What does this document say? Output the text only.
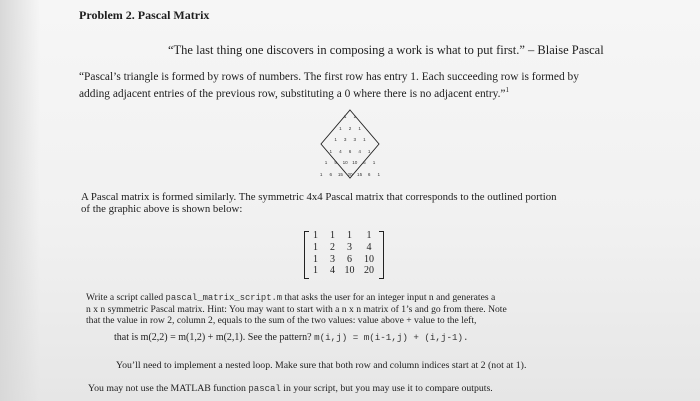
Problem 2. Pascal Matrix
“The last thing one discovers in composing a work is what to put first.” – Blaise Pascal
“Pascal’s triangle is formed by rows of numbers. The first row has entry 1. Each succeeding row is formed by
adding adjacent entries of the previous row, substituting a 0 where there is no adjacent entry.”$^1$
1 1
1 2 1
1 3 3 1
1 4 6 4 1
1 5 10 10 5 1
1 6 15 20 15 6 1
A Pascal matrix is formed similarly. The symmetric 4x4 Pascal matrix that corresponds to the outlined portion
of the graphic above is shown below:
1	1	1	1
1	2	3	4
1	3	6	10
1	4 10 20
Write a script called pascal_matrix_script.m that asks the user for an integer input n and generates a
n x n symmetric Pascal matrix. Hint: You may want to start with a n x n matrix of 1’s and go from there. Note
that the value in row 2, column 2, equals to the sum of the two values: value above + value to the left,
that is m(2,2) = m(1,2) + m(2,1). See the pattern? m(i,j) = m(i-1,j) + (i,j-1).
You’ll need to implement a nested loop. Make sure that both row and column indices start at 2 (not at 1).
You may not use the MATLAB function pascal in your script, but you may use it to compare outputs.
